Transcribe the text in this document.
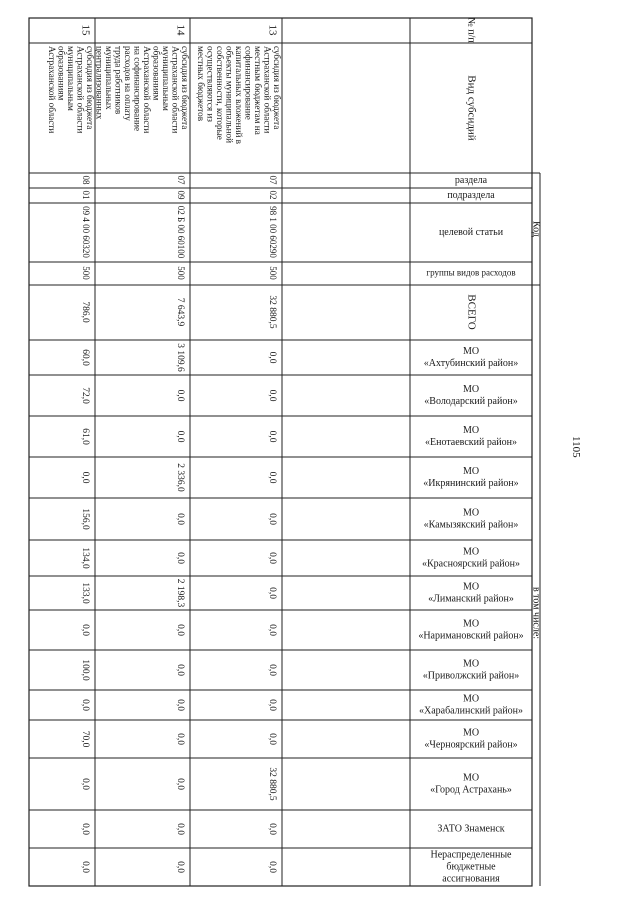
№ п/п
Вид субсидий
раздела
подраздела
целевой статьи
группы видов расходов
Код
ВСЕГО
в том числе:
МО
«Ахтубинский район»
МО
«Володарский район»
МО
«Енотаевский район»
МО
«Икрянинский район»
МО
«Камызякский район»
МО
«Красноярский район»
МО
«Лиманский район»
МО
«Наримановский район»
МО
«Приволжский район»
МО
«Харабалинский район»
МО
«Черноярский район»
МО
«Город Астрахань»
ЗАТО Знаменск
Нераспределенные
бюджетные
ассигнования
15
субсидия из бюджета
Астраханской области
муниципальным
образованиям
Астраханской области
08
01
09 4 00 60320
500
786,0
60,0
72,0
61,0
0,0
156,0
134,0
133,0
0,0
100,0
0,0
70,0
0,0
0,0
0,0
14
субсидия из бюджета
Астраханской области
муниципальным
образованиям
Астраханской области
на софинансирование
расходов на оплату
труда работников
муниципальных
централизованных
07
09
02 Б 00 60100
500
7 643,9
3 109,6
0,0
0,0
2 336,0
0,0
0,0
2 198,3
0,0
0,0
0,0
0,0
0,0
0,0
0,0
13
субсидия из бюджета
Астраханской области
местным бюджетам на
софинансирование
капитальных вложений в
объекты муниципальной
собственности, которые
осуществляются из
местных бюджетов
07
02
98 1 00 60290
500
32 880,5
0,0
0,0
0,0
0,0
0,0
0,0
0,0
0,0
0,0
0,0
0,0
32 880,5
0,0
0,0
1105
